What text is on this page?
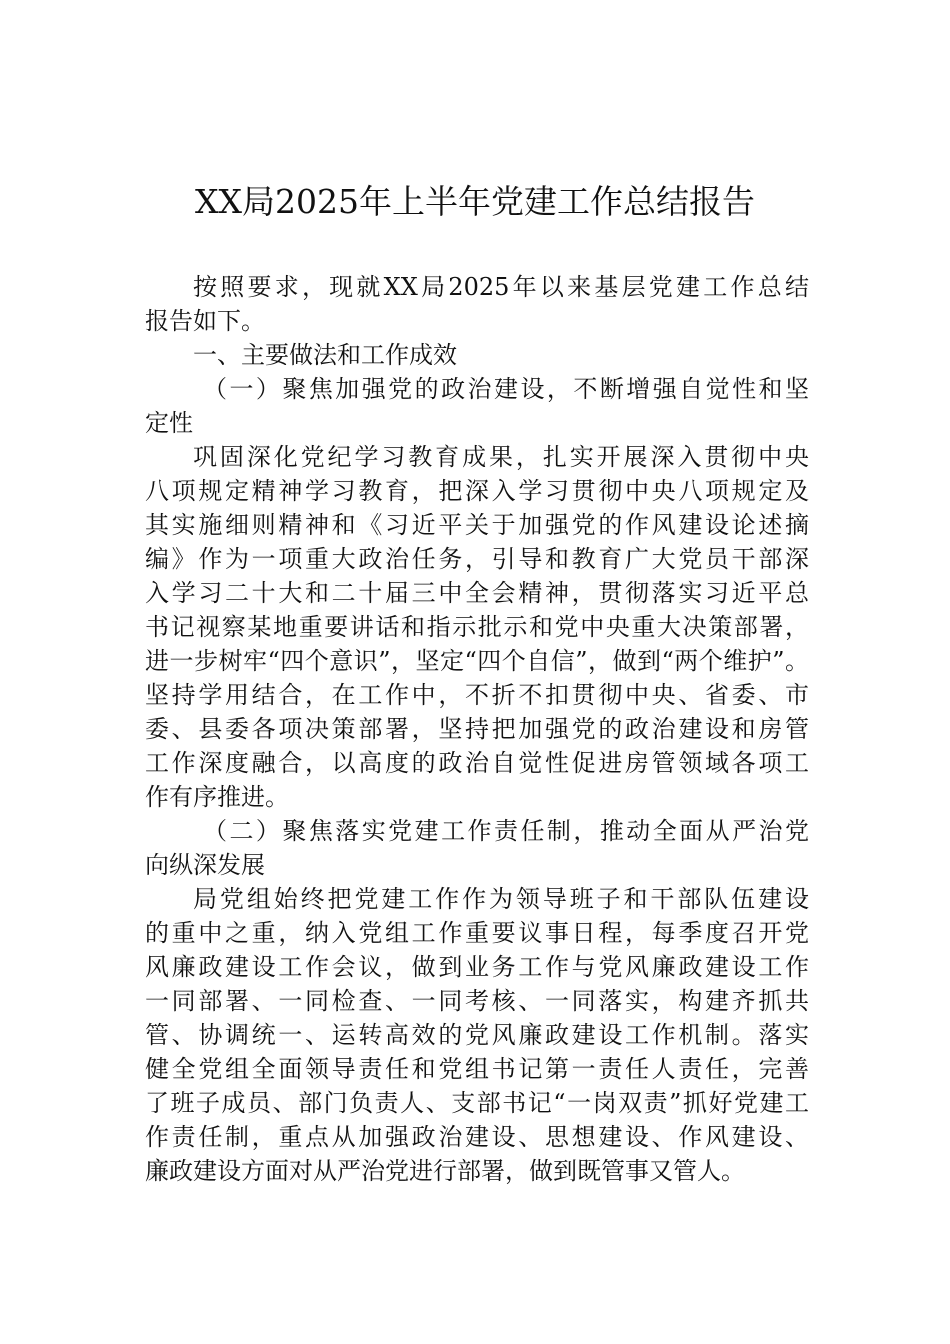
XX局2025年上半年党建工作总结报告
按照要求，现就XX局2025年以来基层党建工作总结
报告如下。
一、主要做法和工作成效
（一）聚焦加强党的政治建设，不断增强自觉性和坚
定性
巩固深化党纪学习教育成果，扎实开展深入贯彻中央
八项规定精神学习教育，把深入学习贯彻中央八项规定及
其实施细则精神和《习近平关于加强党的作风建设论述摘
编》作为一项重大政治任务，引导和教育广大党员干部深
入学习二十大和二十届三中全会精神，贯彻落实习近平总
书记视察某地重要讲话和指示批示和党中央重大决策部署，
进一步树牢“四个意识”，坚定“四个自信”，做到“两个维护”。
坚持学用结合，在工作中，不折不扣贯彻中央、省委、市
委、县委各项决策部署，坚持把加强党的政治建设和房管
工作深度融合，以高度的政治自觉性促进房管领域各项工
作有序推进。
（二）聚焦落实党建工作责任制，推动全面从严治党
向纵深发展
局党组始终把党建工作作为领导班子和干部队伍建设
的重中之重，纳入党组工作重要议事日程，每季度召开党
风廉政建设工作会议，做到业务工作与党风廉政建设工作
一同部署、一同检查、一同考核、一同落实，构建齐抓共
管、协调统一、运转高效的党风廉政建设工作机制。落实
健全党组全面领导责任和党组书记第一责任人责任，完善
了班子成员、部门负责人、支部书记“一岗双责”抓好党建工
作责任制，重点从加强政治建设、思想建设、作风建设、
廉政建设方面对从严治党进行部署，做到既管事又管人。
